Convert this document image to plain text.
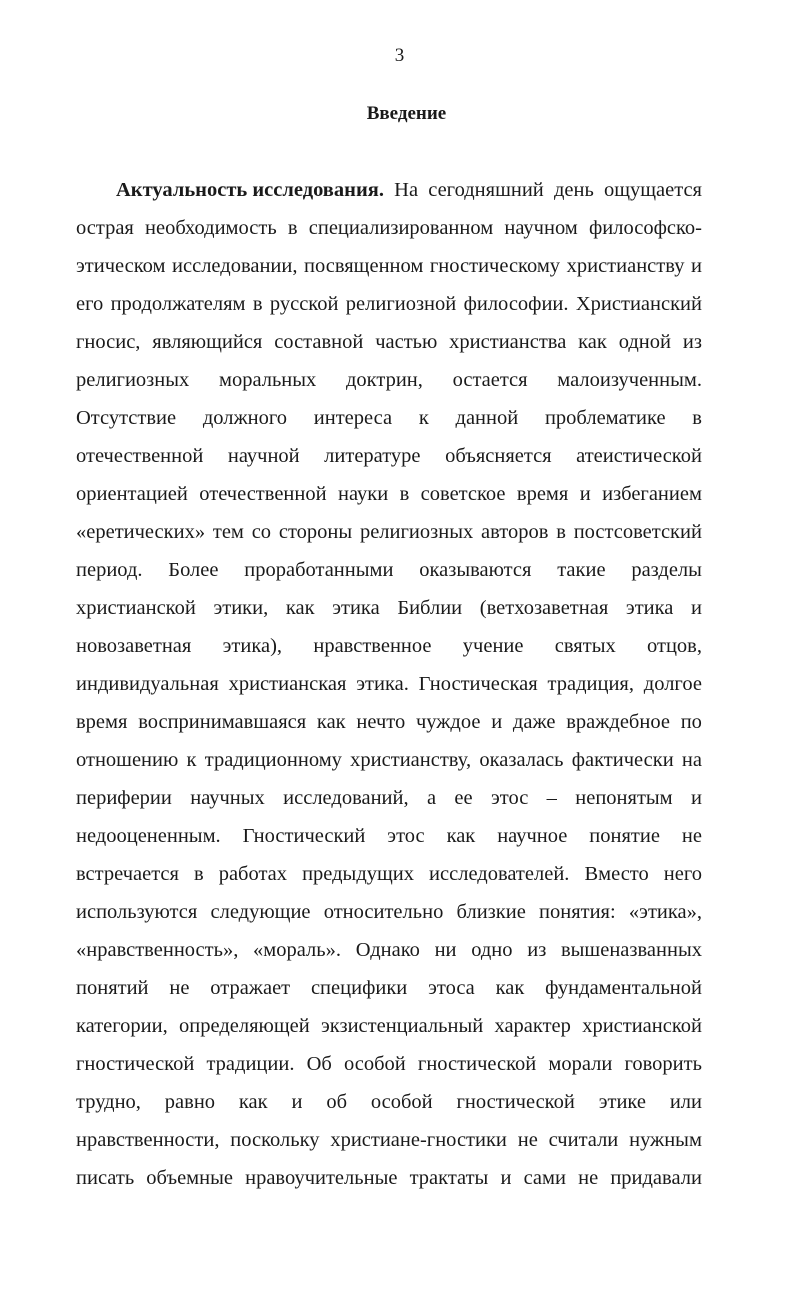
3
Введение
Актуальность исследования. На сегодняшний день ощущается
острая необходимость в специализированном научном философско-
этическом исследовании, посвященном гностическому христианству и
его продолжателям в русской религиозной философии. Христианский
гносис, являющийся составной частью христианства как одной из
религиозных моральных доктрин, остается малоизученным.
Отсутствие должного интереса к данной проблематике в
отечественной научной литературе объясняется атеистической
ориентацией отечественной науки в советское время и избеганием
«еретических» тем со стороны религиозных авторов в постсоветский
период. Более проработанными оказываются такие разделы
христианской этики, как этика Библии (ветхозаветная этика и
новозаветная этика), нравственное учение святых отцов,
индивидуальная христианская этика. Гностическая традиция, долгое
время воспринимавшаяся как нечто чуждое и даже враждебное по
отношению к традиционному христианству, оказалась фактически на
периферии научных исследований, а ее этос – непонятым и
недооцененным. Гностический этос как научное понятие не
встречается в работах предыдущих исследователей. Вместо него
используются следующие относительно близкие понятия: «этика»,
«нравственность», «мораль». Однако ни одно из вышеназванных
понятий не отражает специфики этоса как фундаментальной
категории, определяющей экзистенциальный характер христианской
гностической традиции. Об особой гностической морали говорить
трудно, равно как и об особой гностической этике или
нравственности, поскольку христиане-гностики не считали нужным
писать объемные нравоучительные трактаты и сами не придавали
